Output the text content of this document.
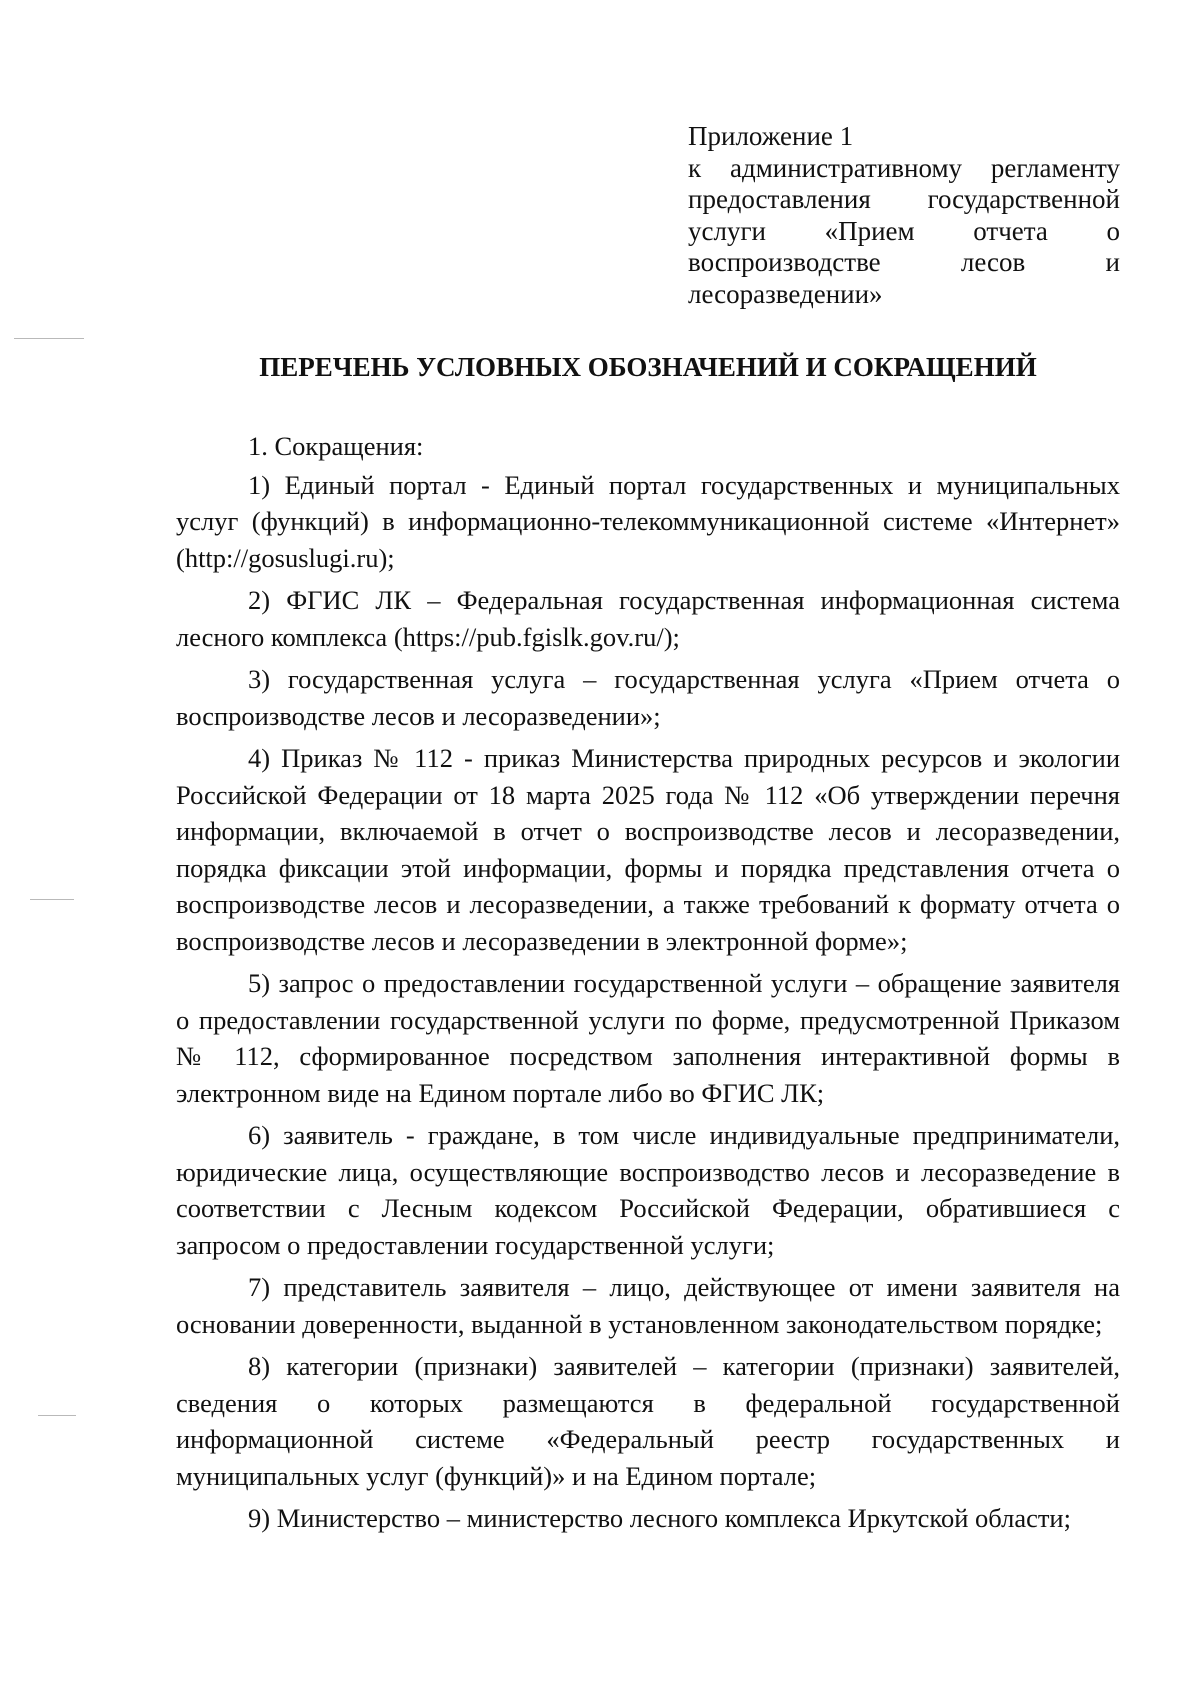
Приложение 1
к административному регламенту предоставления государственной услуги «Прием отчета о воспроизводстве лесов и лесоразведении»
ПЕРЕЧЕНЬ УСЛОВНЫХ ОБОЗНАЧЕНИЙ И СОКРАЩЕНИЙ

1. Сокращения:

1) Единый портал - Единый портал государственных и муниципальных услуг (функций) в информационно-телекоммуникационной системе «Интернет» (http://gosuslugi.ru);

2) ФГИС ЛК – Федеральная государственная информационная система лесного комплекса (https://pub.fgislk.gov.ru/);

3) государственная услуга – государственная услуга «Прием отчета о воспроизводстве лесов и лесоразведении»;

4) Приказ № 112 - приказ Министерства природных ресурсов и экологии Российской Федерации от 18 марта 2025 года № 112 «Об утверждении перечня информации, включаемой в отчет о воспроизводстве лесов и лесоразведении, порядка фиксации этой информации, формы и порядка представления отчета о воспроизводстве лесов и лесоразведении, а также требований к формату отчета о воспроизводстве лесов и лесоразведении в электронной форме»;

5) запрос о предоставлении государственной услуги – обращение заявителя о предоставлении государственной услуги по форме, предусмотренной Приказом № 112, сформированное посредством заполнения интерактивной формы в электронном виде на Едином портале либо во ФГИС ЛК;

6) заявитель - граждане, в том числе индивидуальные предприниматели, юридические лица, осуществляющие воспроизводство лесов и лесоразведение в соответствии с Лесным кодексом Российской Федерации, обратившиеся с запросом о предоставлении государственной услуги;

7) представитель заявителя – лицо, действующее от имени заявителя на основании доверенности, выданной в установленном законодательством порядке;

8) категории (признаки) заявителей – категории (признаки) заявителей, сведения о которых размещаются в федеральной государственной информационной системе «Федеральный реестр государственных и муниципальных услуг (функций)» и на Едином портале;

9) Министерство – министерство лесного комплекса Иркутской области;
